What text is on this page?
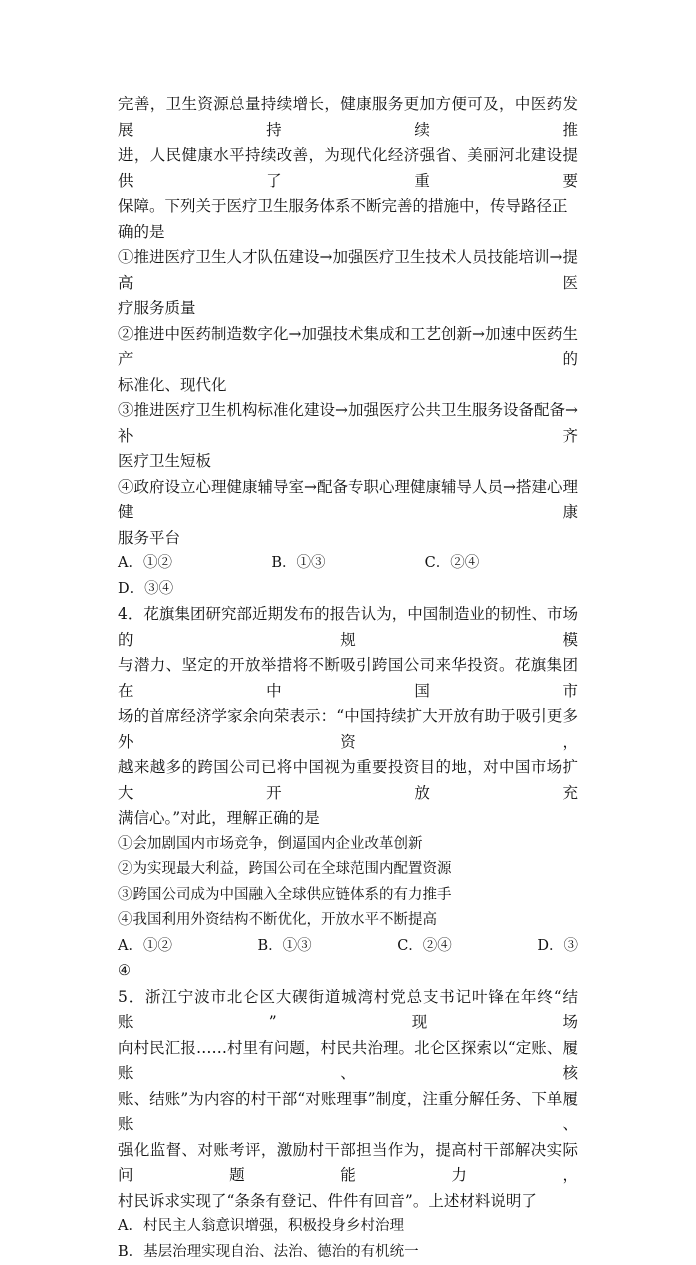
完善，卫生资源总量持续增长，健康服务更加方便可及，中医药发展持续推

进，人民健康水平持续改善，为现代化经济强省、美丽河北建设提供了重要

保障。下列关于医疗卫生服务体系不断完善的措施中，传导路径正确的是

①推进医疗卫生人才队伍建设→加强医疗卫生技术人员技能培训→提高医

疗服务质量

②推进中医药制造数字化→加强技术集成和工艺创新→加速中医药生产的

标准化、现代化

③推进医疗卫生机构标准化建设→加强医疗公共卫生服务设备配备→补齐

医疗卫生短板

④政府设立心理健康辅导室→配备专职心理健康辅导人员→搭建心理健康

服务平台

A．①②	B．①③	C．②④

D．③④

4．花旗集团研究部近期发布的报告认为，中国制造业的韧性、市场的规模

与潜力、坚定的开放举措将不断吸引跨国公司来华投资。花旗集团在中国市

场的首席经济学家余向荣表示：“中国持续扩大开放有助于吸引更多外资，

越来越多的跨国公司已将中国视为重要投资目的地，对中国市场扩大开放充

满信心。”对此，理解正确的是

①会加剧国内市场竞争，倒逼国内企业改革创新

②为实现最大利益，跨国公司在全球范围内配置资源

③跨国公司成为中国融入全球供应链体系的有力推手

④我国利用外资结构不断优化，开放水平不断提高

A．①②	B．①③	C．②④	D．③

④

5．浙江宁波市北仑区大碶街道城湾村党总支书记叶锋在年终“结账”现场

向村民汇报……村里有问题，村民共治理。北仑区探索以“定账、履账、核

账、结账”为内容的村干部“对账理事”制度，注重分解任务、下单履账、

强化监督、对账考评，激励村干部担当作为，提高村干部解决实际问题能力，

村民诉求实现了“条条有登记、件件有回音”。上述材料说明了

A．村民主人翁意识增强，积极投身乡村治理

B．基层治理实现自治、法治、德治的有机统一
